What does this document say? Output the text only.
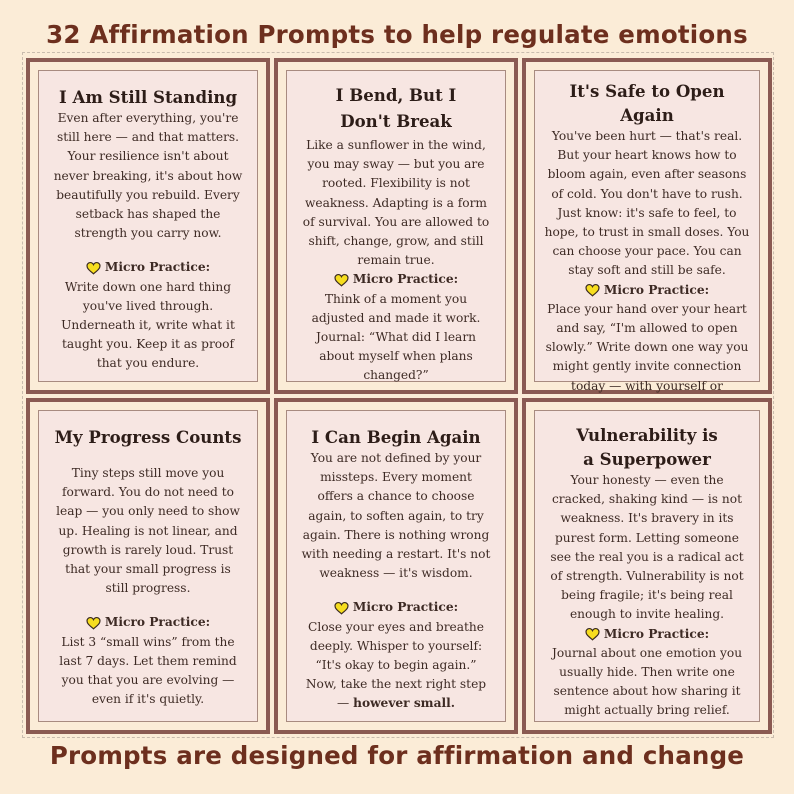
32 Affirmation Prompts to help regulate emotions
I Am Still Standing
Even after everything, you're still here — and that matters. Your resilience isn't about never breaking, it's about how beautifully you rebuild. Every setback has shaped the strength you carry now.
Micro Practice:
Write down one hard thing you've lived through. Underneath it, write what it taught you. Keep it as proof that you endure.
I Bend, But I Don't Break
Like a sunflower in the wind, you may sway — but you are rooted. Flexibility is not weakness. Adapting is a form of survival. You are allowed to shift, change, grow, and still remain true.
Micro Practice:
Think of a moment you adjusted and made it work. Journal: “What did I learn about myself when plans changed?”
It's Safe to Open Again
You've been hurt — that's real. But your heart knows how to bloom again, even after seasons of cold. You don't have to rush. Just know: it's safe to feel, to hope, to trust in small doses. You can choose your pace. You can stay soft and still be safe.
Micro Practice:
Place your hand over your heart and say, “I'm allowed to open slowly.” Write down one way you might gently invite connection today — with yourself or
My Progress Counts
Tiny steps still move you forward. You do not need to leap — you only need to show up. Healing is not linear, and growth is rarely loud. Trust that your small progress is still progress.
Micro Practice:
List 3 “small wins” from the last 7 days. Let them remind you that you are evolving — even if it's quietly.
I Can Begin Again
You are not defined by your missteps. Every moment offers a chance to choose again, to soften again, to try again. There is nothing wrong with needing a restart. It's not weakness — it's wisdom.
Micro Practice:
Close your eyes and breathe deeply. Whisper to yourself: “It's okay to begin again.” Now, take the next right step — however small.
Vulnerability is a Superpower
Your honesty — even the cracked, shaking kind — is not weakness. It's bravery in its purest form. Letting someone see the real you is a radical act of strength. Vulnerability is not being fragile; it's being real enough to invite healing.
Micro Practice:
Journal about one emotion you usually hide. Then write one sentence about how sharing it might actually bring relief.
Prompts are designed for affirmation and change
